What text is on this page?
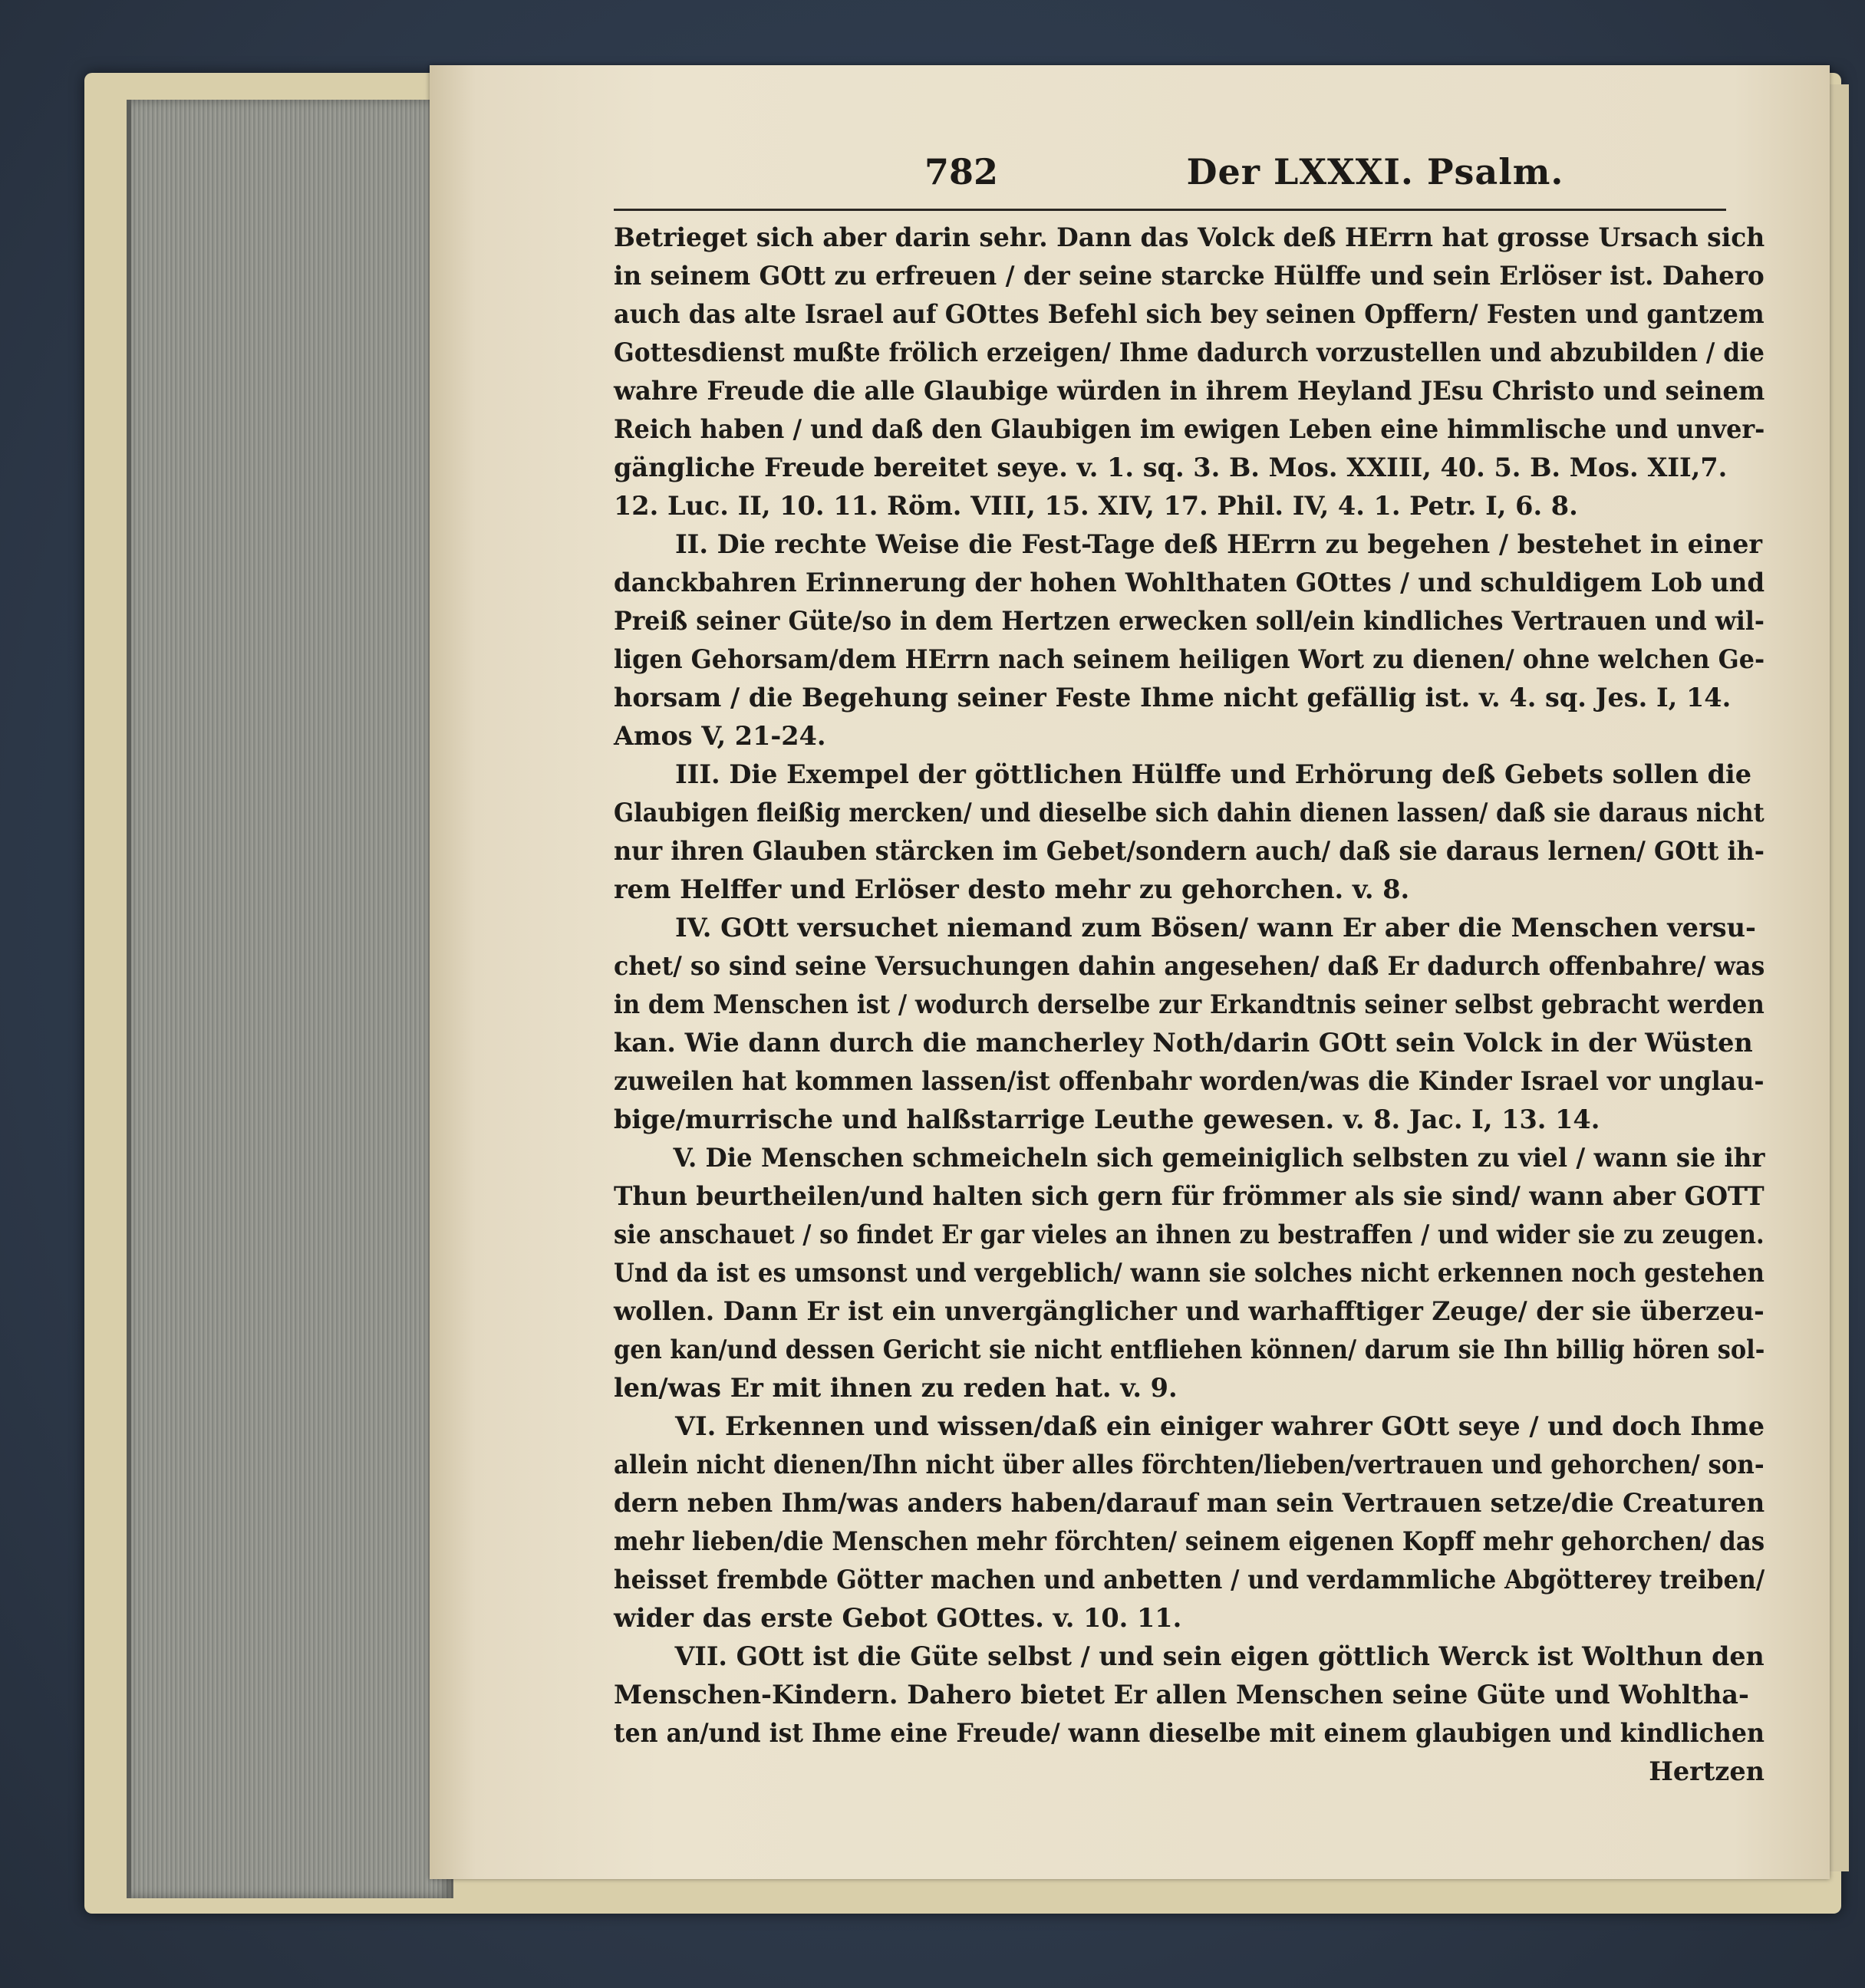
782	Der LXXXI. Psalm.
Betrieget sich aber darin sehr. Dann das Volck deß HErrn hat grosse Ursach sich
in seinem GOtt zu erfreuen / der seine starcke Hülffe und sein Erlöser ist. Dahero
auch das alte Israel auf GOttes Befehl sich bey seinen Opffern/ Festen und gantzem
Gottesdienst mußte frölich erzeigen/ Ihme dadurch vorzustellen und abzubilden / die
wahre Freude die alle Glaubige würden in ihrem Heyland JEsu Christo und seinem
Reich haben / und daß den Glaubigen im ewigen Leben eine himmlische und unver-
gängliche Freude bereitet seye. v. 1. sq. 3. B. Mos. XXIII, 40. 5. B. Mos. XII,7.
12. Luc. II, 10. 11. Röm. VIII, 15. XIV, 17. Phil. IV, 4. 1. Petr. I, 6. 8.
II. Die rechte Weise die Fest-Tage deß HErrn zu begehen / bestehet in einer
danckbahren Erinnerung der hohen Wohlthaten GOttes / und schuldigem Lob und
Preiß seiner Güte/so in dem Hertzen erwecken soll/ein kindliches Vertrauen und wil-
ligen Gehorsam/dem HErrn nach seinem heiligen Wort zu dienen/ ohne welchen Ge-
horsam / die Begehung seiner Feste Ihme nicht gefällig ist. v. 4. sq. Jes. I, 14.
Amos V, 21-24.
III. Die Exempel der göttlichen Hülffe und Erhörung deß Gebets sollen die
Glaubigen fleißig mercken/ und dieselbe sich dahin dienen lassen/ daß sie daraus nicht
nur ihren Glauben stärcken im Gebet/sondern auch/ daß sie daraus lernen/ GOtt ih-
rem Helffer und Erlöser desto mehr zu gehorchen. v. 8.
IV. GOtt versuchet niemand zum Bösen/ wann Er aber die Menschen versu-
chet/ so sind seine Versuchungen dahin angesehen/ daß Er dadurch offenbahre/ was
in dem Menschen ist / wodurch derselbe zur Erkandtnis seiner selbst gebracht werden
kan. Wie dann durch die mancherley Noth/darin GOtt sein Volck in der Wüsten
zuweilen hat kommen lassen/ist offenbahr worden/was die Kinder Israel vor unglau-
bige/murrische und halßstarrige Leuthe gewesen. v. 8. Jac. I, 13. 14.
V. Die Menschen schmeicheln sich gemeiniglich selbsten zu viel / wann sie ihr
Thun beurtheilen/und halten sich gern für frömmer als sie sind/ wann aber GOTT
sie anschauet / so findet Er gar vieles an ihnen zu bestraffen / und wider sie zu zeugen.
Und da ist es umsonst und vergeblich/ wann sie solches nicht erkennen noch gestehen
wollen. Dann Er ist ein unvergänglicher und warhafftiger Zeuge/ der sie überzeu-
gen kan/und dessen Gericht sie nicht entfliehen können/ darum sie Ihn billig hören sol-
len/was Er mit ihnen zu reden hat. v. 9.
VI. Erkennen und wissen/daß ein einiger wahrer GOtt seye / und doch Ihme
allein nicht dienen/Ihn nicht über alles förchten/lieben/vertrauen und gehorchen/ son-
dern neben Ihm/was anders haben/darauf man sein Vertrauen setze/die Creaturen
mehr lieben/die Menschen mehr förchten/ seinem eigenen Kopff mehr gehorchen/ das
heisset frembde Götter machen und anbetten / und verdammliche Abgötterey treiben/
wider das erste Gebot GOttes. v. 10. 11.
VII. GOtt ist die Güte selbst / und sein eigen göttlich Werck ist Wolthun den
Menschen-Kindern. Dahero bietet Er allen Menschen seine Güte und Wohltha-
ten an/und ist Ihme eine Freude/ wann dieselbe mit einem glaubigen und kindlichen
Hertzen
